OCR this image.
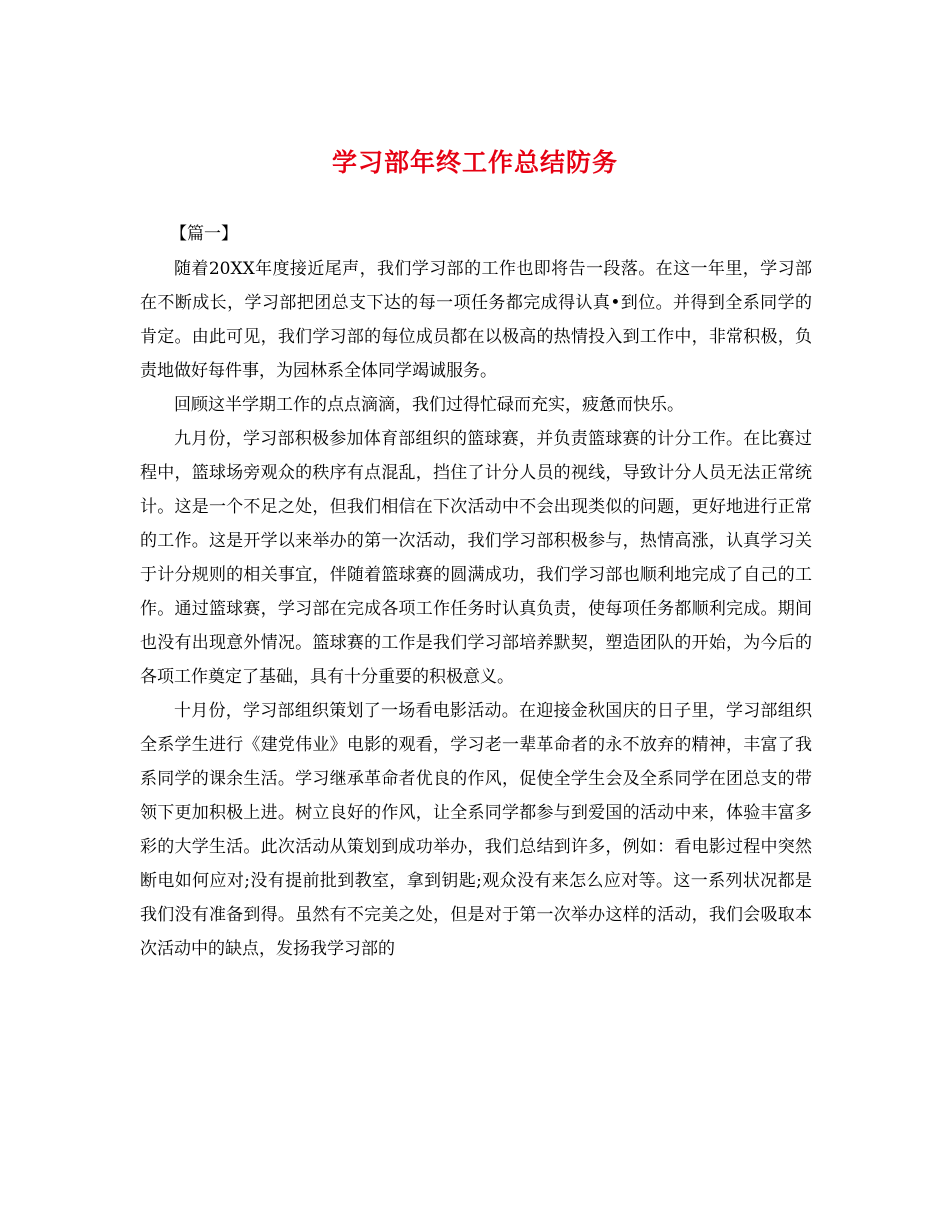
学习部年终工作总结防务

【篇一】

随着20XX年度接近尾声，我们学习部的工作也即将告一段落。在这一年里，学习部在不断成长，学习部把团总支下达的每一项任务都完成得认真•到位。并得到全系同学的肯定。由此可见，我们学习部的每位成员都在以极高的热情投入到工作中，非常积极，负责地做好每件事，为园林系全体同学竭诚服务。

回顾这半学期工作的点点滴滴，我们过得忙碌而充实，疲惫而快乐。

九月份，学习部积极参加体育部组织的篮球赛，并负责篮球赛的计分工作。在比赛过程中，篮球场旁观众的秩序有点混乱，挡住了计分人员的视线，导致计分人员无法正常统计。这是一个不足之处，但我们相信在下次活动中不会出现类似的问题，更好地进行正常的工作。这是开学以来举办的第一次活动，我们学习部积极参与，热情高涨，认真学习关于计分规则的相关事宜，伴随着篮球赛的圆满成功，我们学习部也顺利地完成了自己的工作。通过篮球赛，学习部在完成各项工作任务时认真负责，使每项任务都顺利完成。期间也没有出现意外情况。篮球赛的工作是我们学习部培养默契，塑造团队的开始，为今后的各项工作奠定了基础，具有十分重要的积极意义。

十月份，学习部组织策划了一场看电影活动。在迎接金秋国庆的日子里，学习部组织全系学生进行《建党伟业》电影的观看，学习老一辈革命者的永不放弃的精神，丰富了我系同学的课余生活。学习继承革命者优良的作风，促使全学生会及全系同学在团总支的带领下更加积极上进。树立良好的作风，让全系同学都参与到爱国的活动中来，体验丰富多彩的大学生活。此次活动从策划到成功举办，我们总结到许多，例如：看电影过程中突然断电如何应对;没有提前批到教室，拿到钥匙;观众没有来怎么应对等。这一系列状况都是我们没有准备到得。虽然有不完美之处，但是对于第一次举办这样的活动，我们会吸取本次活动中的缺点，发扬我学习部的
